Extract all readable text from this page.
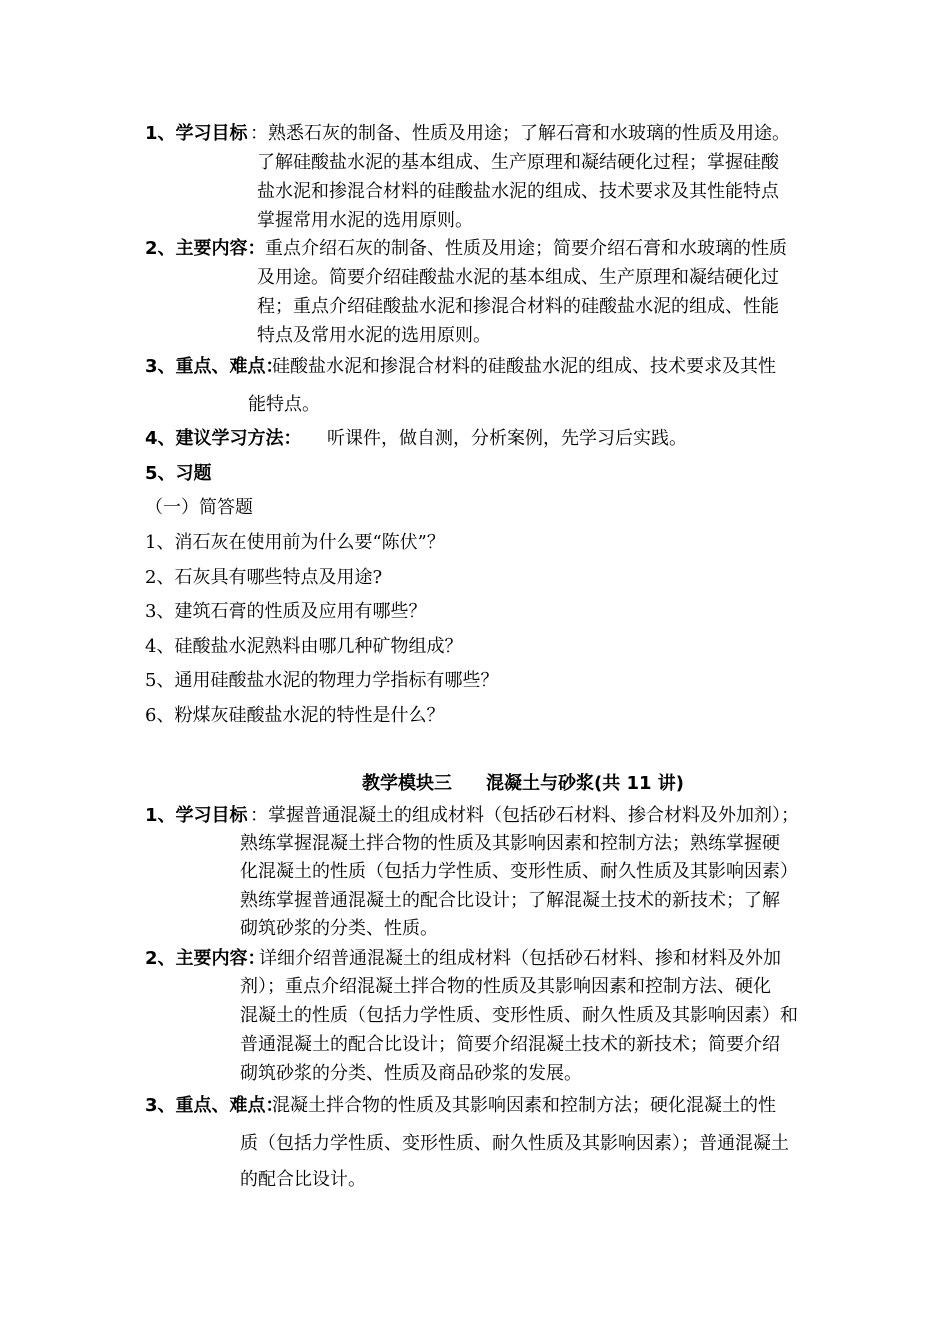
1、学习目标 ：熟悉石灰的制备、性质及用途；了解石膏和水玻璃的性质及用途。
了解硅酸盐水泥的基本组成、生产原理和凝结硬化过程；掌握硅酸
盐水泥和掺混合材料的硅酸盐水泥的组成、技术要求及其性能特点
掌握常用水泥的选用原则。
2、主要内容： 重点介绍石灰的制备、性质及用途；简要介绍石膏和水玻璃的性质
及用途。简要介绍硅酸盐水泥的基本组成、生产原理和凝结硬化过
程；重点介绍硅酸盐水泥和掺混合材料的硅酸盐水泥的组成、性能
特点及常用水泥的选用原则。
3、重点、难点：
硅酸盐水泥和掺混合材料的硅酸盐水泥的组成、技术要求及其性
能特点。
4、建议学习方法： 听课件，做自测，分析案例，先学习后实践。
5、习题
（一）简答题
1、消石灰在使用前为什么要“陈伏”？
2、石灰具有哪些特点及用途?
3、建筑石膏的性质及应用有哪些？
4、硅酸盐水泥熟料由哪几种矿物组成？
5、通用硅酸盐水泥的物理力学指标有哪些？
6、粉煤灰硅酸盐水泥的特性是什么？
教学模块三 混凝土与砂浆(共 11 讲)
1、学习目标 ：掌握普通混凝土的组成材料（包括砂石材料、掺合材料及外加剂）；
熟练掌握混凝土拌合物的性质及其影响因素和控制方法；熟练掌握硬
化混凝土的性质（包括力学性质、变形性质、耐久性质及其影响因素）
熟练掌握普通混凝土的配合比设计；了解混凝土技术的新技术；了解
砌筑砂浆的分类、性质。
2、主要内容：
详细介绍普通混凝土的组成材料（包括砂石材料、掺和材料及外加
剂）；重点介绍混凝土拌合物的性质及其影响因素和控制方法、硬化
混凝土的性质（包括力学性质、变形性质、耐久性质及其影响因素）和
普通混凝土的配合比设计；简要介绍混凝土技术的新技术；简要介绍
砌筑砂浆的分类、性质及商品砂浆的发展。
3、重点、难点：
混凝土拌合物的性质及其影响因素和控制方法；硬化混凝土的性
质（包括力学性质、变形性质、耐久性质及其影响因素）；普通混凝土
的配合比设计。
